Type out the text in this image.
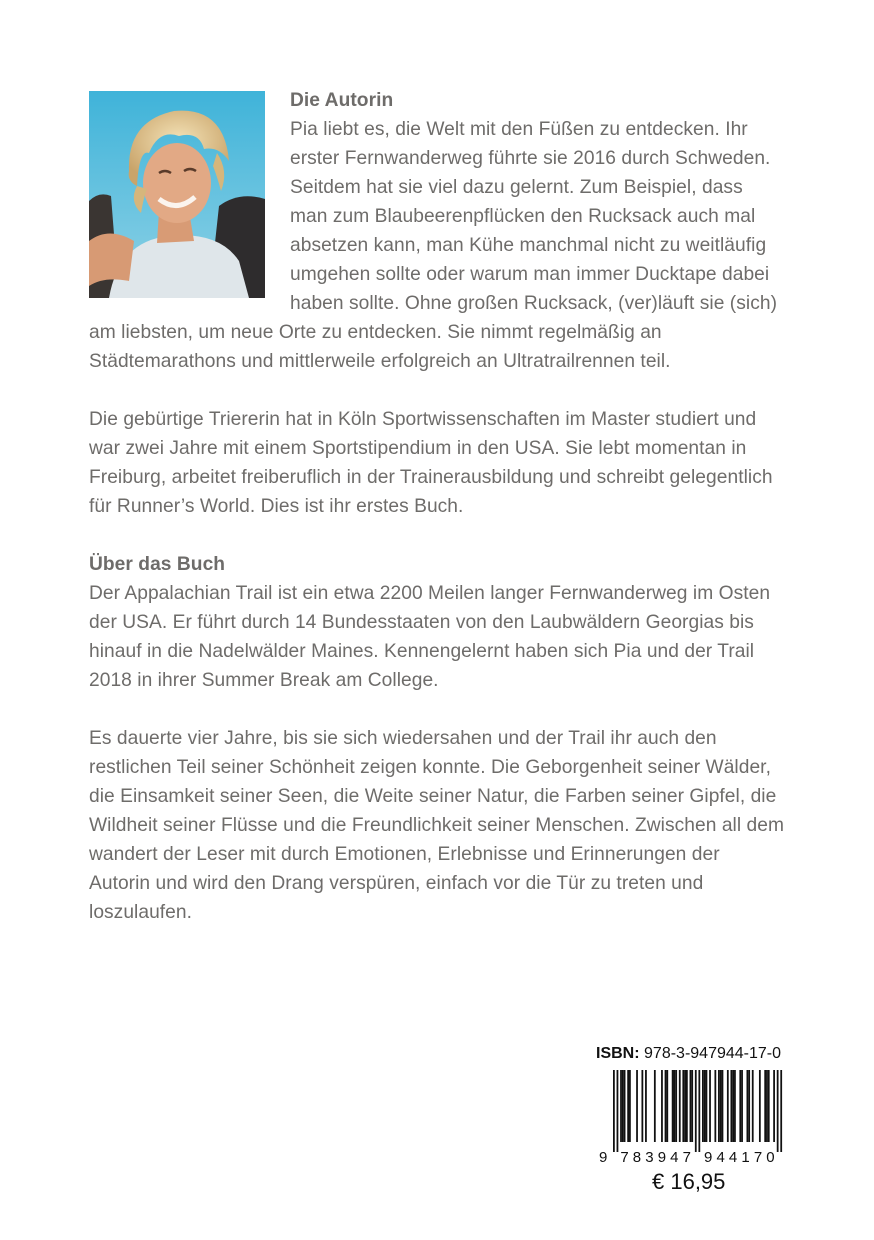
Die Autorin

Pia liebt es, die Welt mit den Füßen zu entdecken. Ihr erster Fernwanderweg führte sie 2016 durch Schweden. Seitdem hat sie viel dazu gelernt. Zum Beispiel, dass man zum Blaubeerenpflücken den Rucksack auch mal absetzen kann, man Kühe manchmal nicht zu weitläufig umgehen sollte oder warum man immer Ducktape dabei haben sollte. Ohne großen Rucksack, (ver)läuft sie (sich) am liebsten, um neue Orte zu entdecken. Sie nimmt regelmäßig an Städtemarathons und mittlerweile erfolgreich an Ultratrailrennen teil.

Die gebürtige Triererin hat in Köln Sportwissenschaften im Master studiert und war zwei Jahre mit einem Sportstipendium in den USA. Sie lebt momentan in Freiburg, arbeitet freiberuflich in der Trainerausbildung und schreibt gelegentlich für Runner’s World. Dies ist ihr erstes Buch.

Über das Buch

Der Appalachian Trail ist ein etwa 2200 Meilen langer Fernwanderweg im Osten der USA. Er führt durch 14 Bundesstaaten von den Laubwäldern Georgias bis hinauf in die Nadelwälder Maines. Kennengelernt haben sich Pia und der Trail 2018 in ihrer Summer Break am College.

Es dauerte vier Jahre, bis sie sich wiedersahen und der Trail ihr auch den restlichen Teil seiner Schönheit zeigen konnte. Die Geborgenheit seiner Wälder, die Einsamkeit seiner Seen, die Weite seiner Natur, die Farben seiner Gipfel, die Wildheit seiner Flüsse und die Freundlichkeit seiner Menschen. Zwischen all dem wandert der Leser mit durch Emotionen, Erlebnisse und Erinnerungen der Autorin und wird den Drang verspüren, einfach vor die Tür zu treten und loszulaufen.

ISBN: 978-3-947944-17-0
9 7 8 3 9 4 7 9 4 4 1 7 0
€ 16,95
